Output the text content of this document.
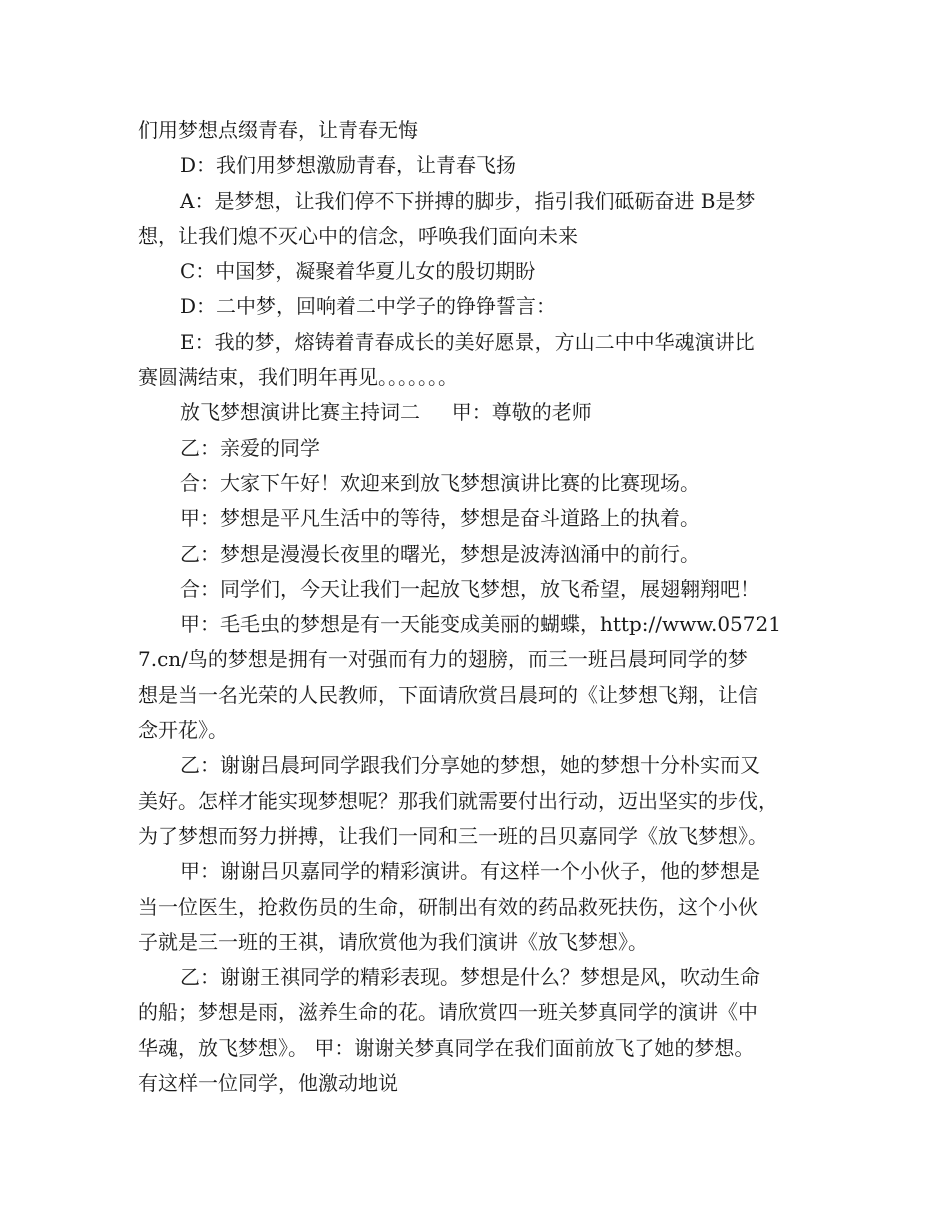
们用梦想点缀青春，让青春无悔
D：我们用梦想激励青春，让青春飞扬
A：是梦想，让我们停不下拼搏的脚步，指引我们砥砺奋进 B是梦
想，让我们熄不灭心中的信念，呼唤我们面向未来
C：中国梦，凝聚着华夏儿女的殷切期盼
D：二中梦，回响着二中学子的铮铮誓言：
E：我的梦，熔铸着青春成长的美好愿景，方山二中中华魂演讲比
赛圆满结束，我们明年再见。。。。。。。
放飞梦想演讲比赛主持词二     甲：尊敬的老师
乙：亲爱的同学
合：大家下午好！欢迎来到放飞梦想演讲比赛的比赛现场。
甲：梦想是平凡生活中的等待，梦想是奋斗道路上的执着。
乙：梦想是漫漫长夜里的曙光，梦想是波涛汹涌中的前行。
合：同学们，今天让我们一起放飞梦想，放飞希望，展翅翱翔吧！
甲：毛毛虫的梦想是有一天能变成美丽的蝴蝶，http://www.05721
7.cn/鸟的梦想是拥有一对强而有力的翅膀，而三一班吕晨珂同学的梦
想是当一名光荣的人民教师，下面请欣赏吕晨珂的《让梦想飞翔，让信
念开花》。
乙：谢谢吕晨珂同学跟我们分享她的梦想，她的梦想十分朴实而又
美好。怎样才能实现梦想呢？那我们就需要付出行动，迈出坚实的步伐，
为了梦想而努力拼搏，让我们一同和三一班的吕贝嘉同学《放飞梦想》。
甲：谢谢吕贝嘉同学的精彩演讲。有这样一个小伙子，他的梦想是
当一位医生，抢救伤员的生命，研制出有效的药品救死扶伤，这个小伙
子就是三一班的王祺，请欣赏他为我们演讲《放飞梦想》。
乙：谢谢王祺同学的精彩表现。梦想是什么？梦想是风，吹动生命
的船；梦想是雨，滋养生命的花。请欣赏四一班关梦真同学的演讲《中
华魂，放飞梦想》。 甲：谢谢关梦真同学在我们面前放飞了她的梦想。
有这样一位同学，他激动地说
